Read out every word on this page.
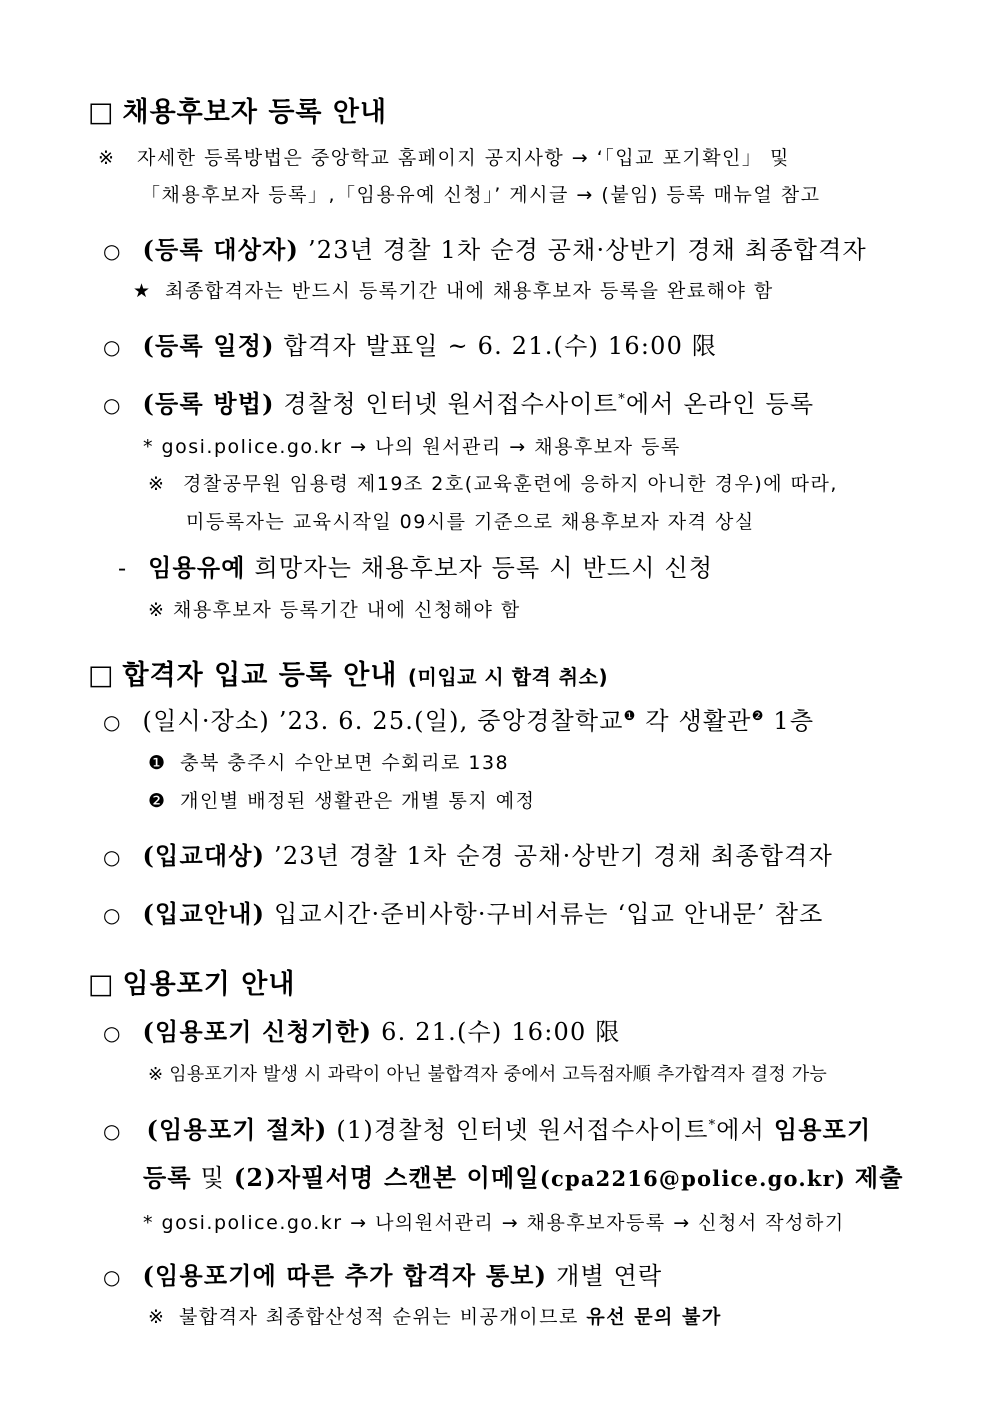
□ 채용후보자 등록 안내
※ 자세한 등록방법은 중앙학교 홈페이지 공지사항 → ‘「입교 포기확인」 및
「채용후보자 등록」,「임용유예 신청」’ 게시글 → (붙임) 등록 매뉴얼 참고
○ (등록 대상자) ’23년 경찰 1차 순경 공채·상반기 경채 최종합격자
★ 최종합격자는 반드시 등록기간 내에 채용후보자 등록을 완료해야 함
○ (등록 일정) 합격자 발표일 ~ 6. 21.(수) 16:00 限
○ (등록 방법) 경찰청 인터넷 원서접수사이트*에서 온라인 등록
* gosi.police.go.kr → 나의 원서관리 → 채용후보자 등록
※ 경찰공무원 임용령 제19조 2호(교육훈련에 응하지 아니한 경우)에 따라,
미등록자는 교육시작일 09시를 기준으로 채용후보자 자격 상실
- 임용유예 희망자는 채용후보자 등록 시 반드시 신청
※ 채용후보자 등록기간 내에 신청해야 함
□ 합격자 입교 등록 안내 (미입교 시 합격 취소)
○ (일시·장소) ’23. 6. 25.(일), 중앙경찰학교$^❶$ 각 생활관$^❷$ 1층
❶ 충북 충주시 수안보면 수회리로 138
❷ 개인별 배정된 생활관은 개별 통지 예정
○ (입교대상) ’23년 경찰 1차 순경 공채·상반기 경채 최종합격자
○ (입교안내) 입교시간·준비사항·구비서류는 ‘입교 안내문’ 참조
□ 임용포기 안내
○ (임용포기 신청기한) 6. 21.(수) 16:00 限
※ 임용포기자 발생 시 과락이 아닌 불합격자 중에서 고득점자順 추가합격자 결정 가능
○ (임용포기 절차) (1)경찰청 인터넷 원서접수사이트*에서 임용포기
등록 및 (2)자필서명 스캔본 이메일(cpa2216@police.go.kr) 제출
* gosi.police.go.kr → 나의원서관리 → 채용후보자등록 → 신청서 작성하기
○ (임용포기에 따른 추가 합격자 통보) 개별 연락
※ 불합격자 최종합산성적 순위는 비공개이므로 유선 문의 불가
